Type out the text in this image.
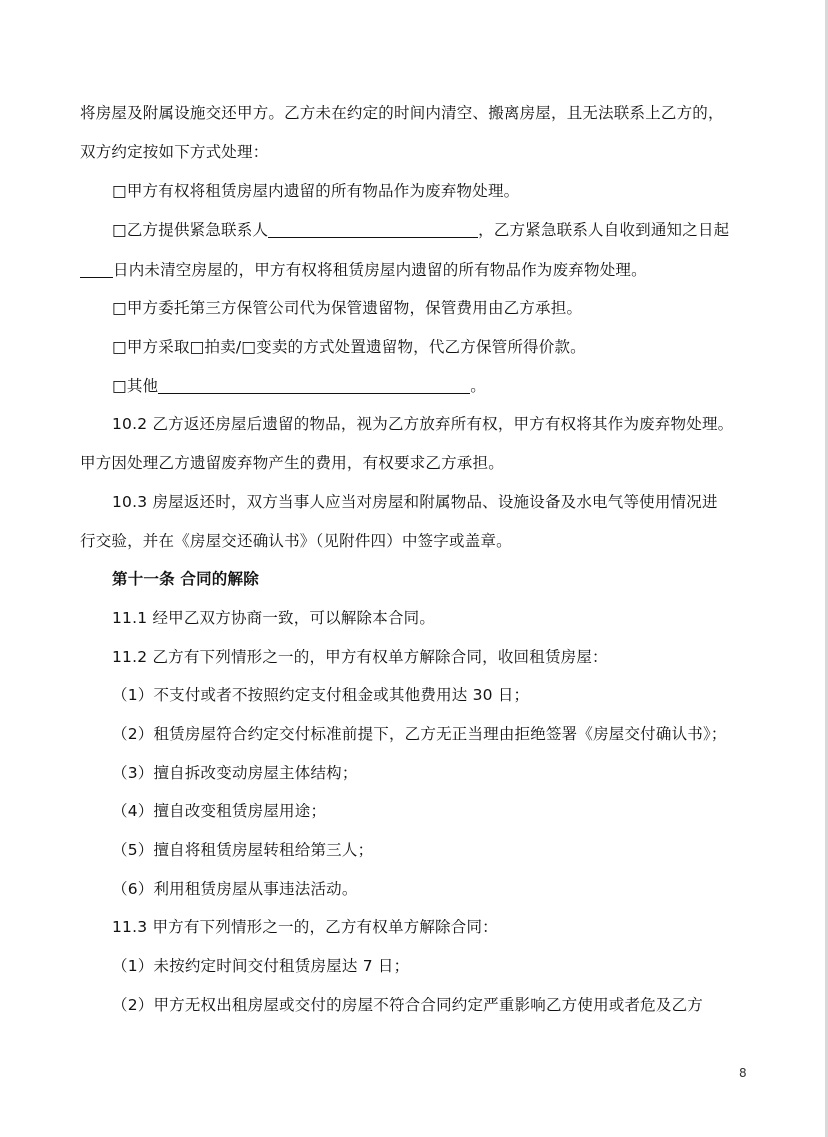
将房屋及附属设施交还甲方。乙方未在约定的时间内清空、搬离房屋，且无法联系上乙方的，
双方约定按如下方式处理：
□甲方有权将租赁房屋内遗留的所有物品作为废弃物处理。
□乙方提供紧急联系人	，乙方紧急联系人自收到通知之日起
日内未清空房屋的，甲方有权将租赁房屋内遗留的所有物品作为废弃物处理。
□甲方委托第三方保管公司代为保管遗留物，保管费用由乙方承担。
□甲方采取□拍卖/□变卖的方式处置遗留物，代乙方保管所得价款。
□其他	。
10.2 乙方返还房屋后遗留的物品，视为乙方放弃所有权，甲方有权将其作为废弃物处理。
甲方因处理乙方遗留废弃物产生的费用，有权要求乙方承担。
10.3 房屋返还时，双方当事人应当对房屋和附属物品、设施设备及水电气等使用情况进
行交验，并在《房屋交还确认书》（见附件四）中签字或盖章。
第十一条 合同的解除
11.1 经甲乙双方协商一致，可以解除本合同。
11.2 乙方有下列情形之一的，甲方有权单方解除合同，收回租赁房屋：
（1）不支付或者不按照约定支付租金或其他费用达 30 日；
（2）租赁房屋符合约定交付标准前提下，乙方无正当理由拒绝签署《房屋交付确认书》；
（3）擅自拆改变动房屋主体结构；
（4）擅自改变租赁房屋用途；
（5）擅自将租赁房屋转租给第三人；
（6）利用租赁房屋从事违法活动。
11.3 甲方有下列情形之一的，乙方有权单方解除合同：
（1）未按约定时间交付租赁房屋达 7 日；
（2）甲方无权出租房屋或交付的房屋不符合合同约定严重影响乙方使用或者危及乙方
8
